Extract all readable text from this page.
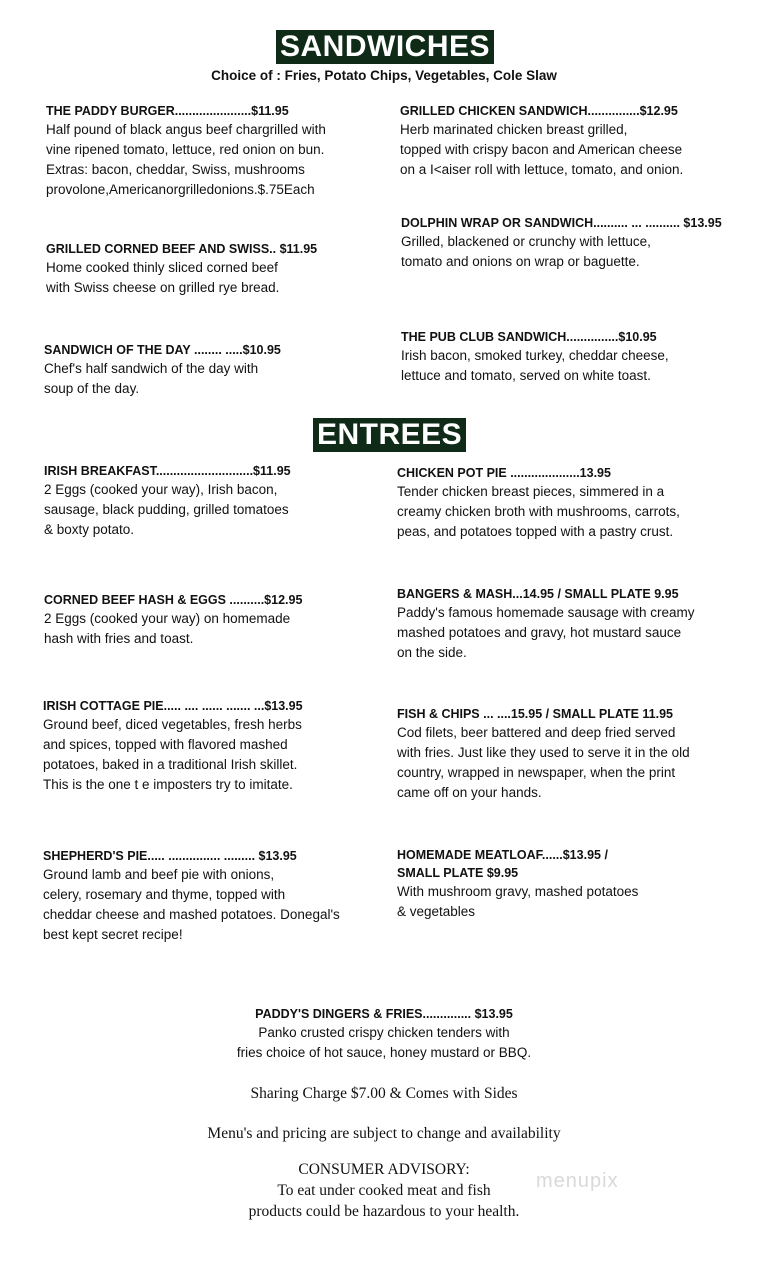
SANDWICHES
Choice of : Fries, Potato Chips, Vegetables, Cole Slaw
THE PADDY BURGER......................$11.95
Half pound of black angus beef chargrilled with
vine ripened tomato, lettuce, red onion on bun.
Extras: bacon, cheddar, Swiss, mushrooms
provolone,Americanorgrilledonions.$.75Each
GRILLED CHICKEN SANDWICH...............$12.95
Herb marinated chicken breast grilled,
topped with crispy bacon and American cheese
on a I<aiser roll with lettuce, tomato, and onion.
GRILLED CORNED BEEF AND SWISS.. $11.95
Home cooked thinly sliced corned beef
with Swiss cheese on grilled rye bread.
DOLPHIN WRAP OR SANDWICH.......... ... .......... $13.95
Grilled, blackened or crunchy with lettuce,
tomato and onions on wrap or baguette.
SANDWICH OF THE DAY ........ .....$10.95
Chef's half sandwich of the day with
soup of the day.
THE PUB CLUB SANDWICH...............$10.95
Irish bacon, smoked turkey, cheddar cheese,
lettuce and tomato, served on white toast.
ENTREES
IRISH BREAKFAST............................$11.95
2 Eggs (cooked your way), Irish bacon,
sausage, black pudding, grilled tomatoes
& boxty potato.
CHICKEN POT PIE ....................13.95
Tender chicken breast pieces, simmered in a
creamy chicken broth with mushrooms, carrots,
peas, and potatoes topped with a pastry crust.
CORNED BEEF HASH & EGGS ..........$12.95
2 Eggs (cooked your way) on homemade
hash with fries and toast.
BANGERS & MASH...14.95 / SMALL PLATE 9.95
Paddy's famous homemade sausage with creamy
mashed potatoes and gravy, hot mustard sauce
on the side.
IRISH COTTAGE PIE..... .... ...... ....... ...$13.95
Ground beef, diced vegetables, fresh herbs
and spices, topped with flavored mashed
potatoes, baked in a traditional Irish skillet.
This is the one t e imposters try to imitate.
FISH & CHIPS ... ....15.95 / SMALL PLATE 11.95
Cod filets, beer battered and deep fried served
with fries. Just like they used to serve it in the old
country, wrapped in newspaper, when the print
came off on your hands.
SHEPHERD'S PIE..... ............... ......... $13.95
Ground lamb and beef pie with onions,
celery, rosemary and thyme, topped with
cheddar cheese and mashed potatoes. Donegal's
best kept secret recipe!
HOMEMADE MEATLOAF......$13.95 /
SMALL PLATE $9.95
With mushroom gravy, mashed potatoes
& vegetables
PADDY'S DINGERS & FRIES.............. $13.95
Panko crusted crispy chicken tenders with
fries choice of hot sauce, honey mustard or BBQ.
Sharing Charge $7.00 & Comes with Sides
Menu's and pricing are subject to change and availability
CONSUMER ADVISORY:
To eat under cooked meat and fish
products could be hazardous to your health.
menupix
